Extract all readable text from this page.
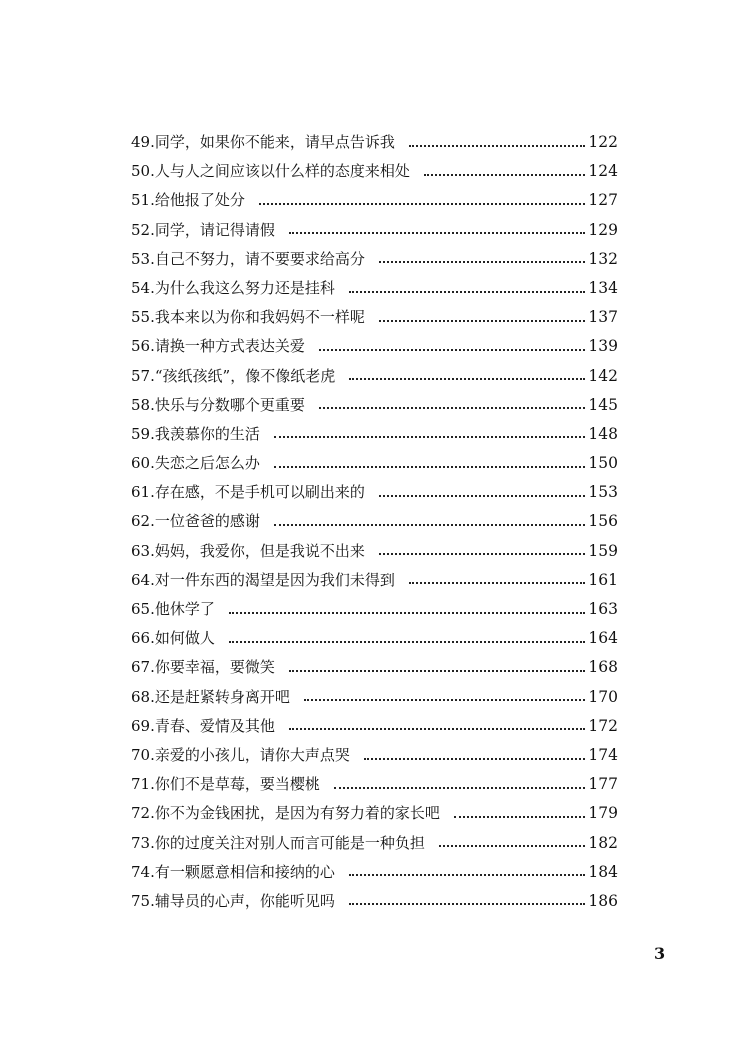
49. 同学，如果你不能来，请早点告诉我	122
50. 人与人之间应该以什么样的态度来相处	124
51. 给他报了处分	127
52. 同学，请记得请假	129
53. 自己不努力，请不要要求给高分	132
54. 为什么我这么努力还是挂科	134
55. 我本来以为你和我妈妈不一样呢	137
56. 请换一种方式表达关爱	139
57. “孩纸孩纸”，像不像纸老虎	142
58. 快乐与分数哪个更重要	145
59. 我羡慕你的生活	148
60. 失恋之后怎么办	150
61. 存在感，不是手机可以刷出来的	153
62. 一位爸爸的感谢	156
63. 妈妈，我爱你，但是我说不出来	159
64. 对一件东西的渴望是因为我们未得到	161
65. 他休学了	163
66. 如何做人	164
67. 你要幸福，要微笑	168
68. 还是赶紧转身离开吧	170
69. 青春、爱情及其他	172
70. 亲爱的小孩儿，请你大声点哭	174
71. 你们不是草莓，要当樱桃	177
72. 你不为金钱困扰，是因为有努力着的家长吧	179
73. 你的过度关注对别人而言可能是一种负担	182
74. 有一颗愿意相信和接纳的心	184
75. 辅导员的心声，你能听见吗	186
3
